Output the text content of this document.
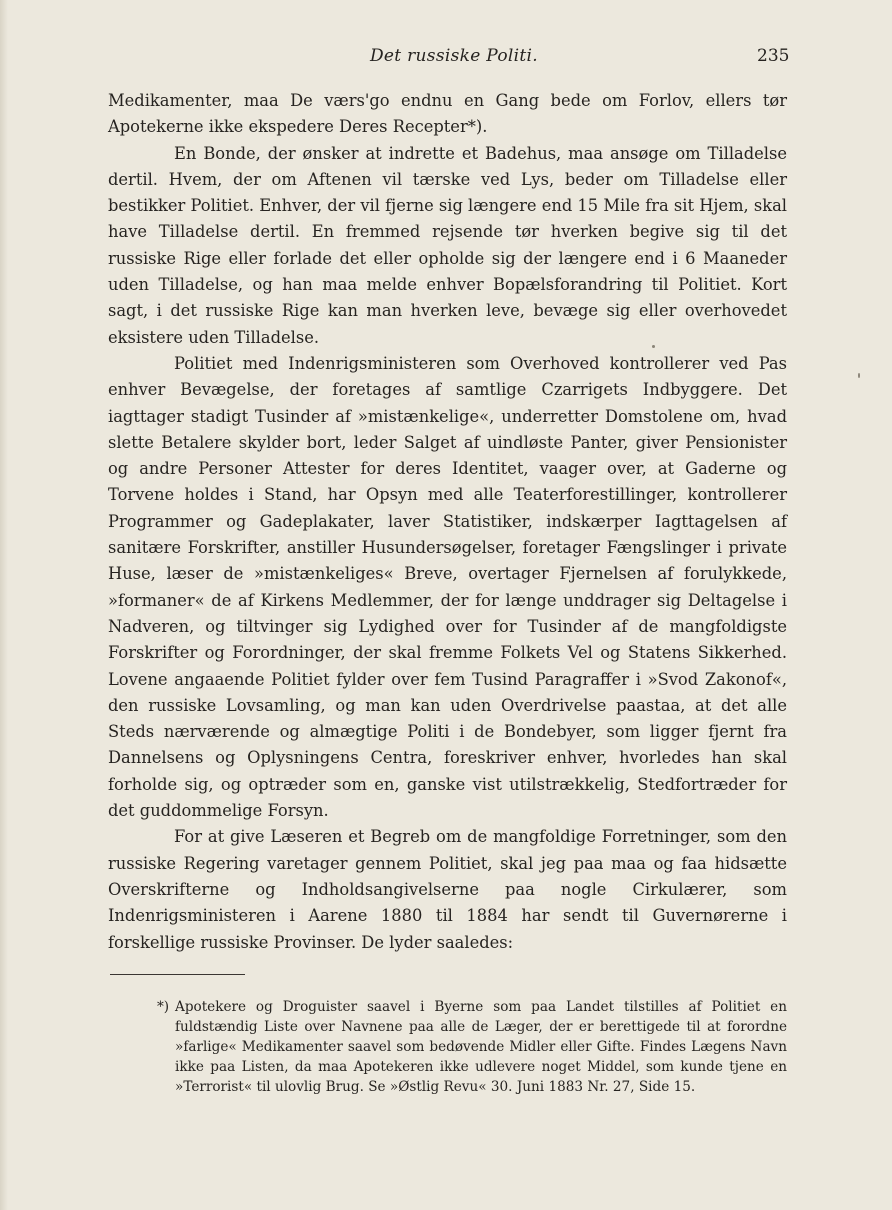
Det russiske Politi.	235

Medikamenter, maa De værs'go endnu en Gang bede om Forlov, ellers tør Apotekerne ikke ekspedere Deres Recepter*).

En Bonde, der ønsker at indrette et Badehus, maa ansøge om Tilladelse dertil. Hvem, der om Aftenen vil tærske ved Lys, beder om Tilladelse eller bestikker Politiet. Enhver, der vil fjerne sig længere end 15 Mile fra sit Hjem, skal have Tilladelse dertil. En fremmed rejsende tør hverken begive sig til det russiske Rige eller forlade det eller opholde sig der længere end i 6 Maaneder uden Tilladelse, og han maa melde enhver Bopælsforandring til Politiet. Kort sagt, i det russiske Rige kan man hverken leve, bevæge sig eller overhovedet eksistere uden Tilladelse.

Politiet med Indenrigsministeren som Overhoved kontrollerer ved Pas enhver Bevægelse, der foretages af samtlige Czarrigets Indbyggere. Det iagttager stadigt Tusinder af »mistænkelige«, underretter Domstolene om, hvad slette Betalere skylder bort, leder Salget af uindløste Panter, giver Pensionister og andre Personer Attester for deres Identitet, vaager over, at Gaderne og Torvene holdes i Stand, har Opsyn med alle Teaterforestillinger, kontrollerer Programmer og Gadeplakater, laver Statistiker, indskærper Iagttagelsen af sanitære Forskrifter, anstiller Husundersøgelser, foretager Fængslinger i private Huse, læser de »mistænkeliges« Breve, overtager Fjernelsen af forulykkede, »formaner« de af Kirkens Medlemmer, der for længe unddrager sig Deltagelse i Nadveren, og tiltvinger sig Lydighed over for Tusinder af de mangfoldigste Forskrifter og Forordninger, der skal fremme Folkets Vel og Statens Sikkerhed. Lovene angaaende Politiet fylder over fem Tusind Paragraffer i »Svod Zakonof«, den russiske Lovsamling, og man kan uden Overdrivelse paastaa, at det alle Steds nærværende og almægtige Politi i de Bondebyer, som ligger fjernt fra Dannelsens og Oplysningens Centra, foreskriver enhver, hvorledes han skal forholde sig, og optræder som en, ganske vist utilstrækkelig, Stedfortræder for det guddommelige Forsyn.

For at give Læseren et Begreb om de mangfoldige Forretninger, som den russiske Regering varetager gennem Politiet, skal jeg paa maa og faa hidsætte Overskrifterne og Indholdsangivelserne paa nogle Cirkulærer, som Indenrigsministeren i Aarene 1880 til 1884 har sendt til Guvernørerne i forskellige russiske Provinser. De lyder saaledes:

*) Apotekere og Droguister saavel i Byerne som paa Landet tilstilles af Politiet en fuldstændig Liste over Navnene paa alle de Læger, der er berettigede til at forordne »farlige« Medikamenter saavel som bedøvende Midler eller Gifte. Findes Lægens Navn ikke paa Listen, da maa Apotekeren ikke udlevere noget Middel, som kunde tjene en »Terrorist« til ulovlig Brug. Se »Østlig Revu« 30. Juni 1883 Nr. 27, Side 15.
